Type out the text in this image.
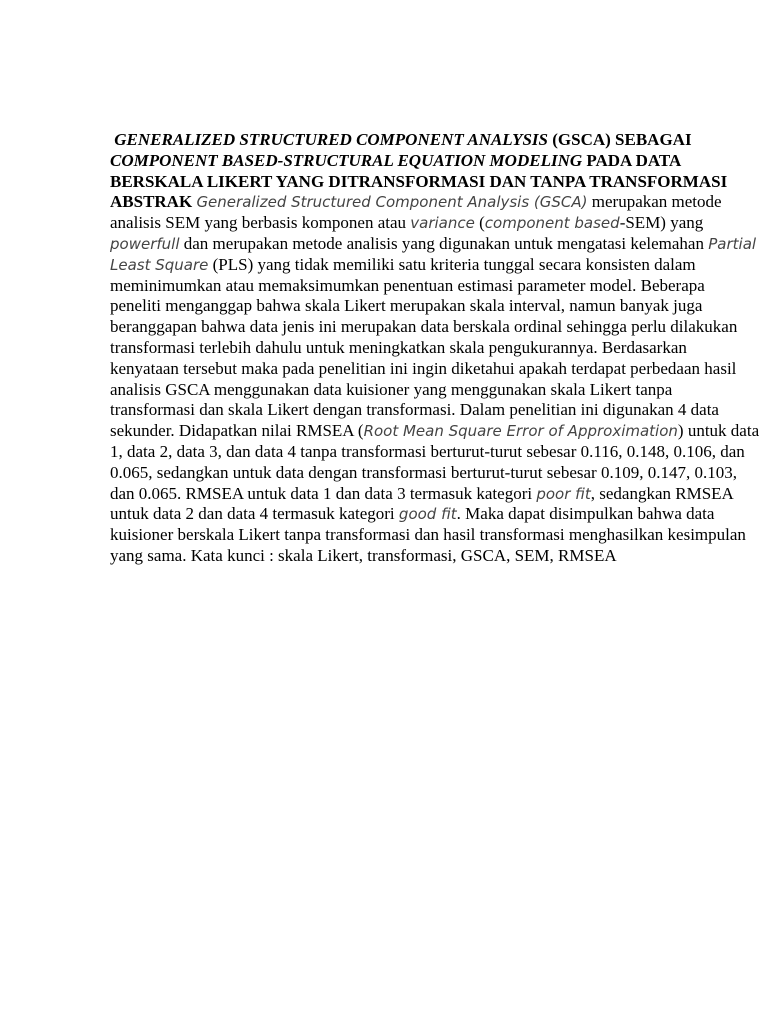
GENERALIZED STRUCTURED COMPONENT ANALYSIS (GSCA) SEBAGAI COMPONENT BASED-STRUCTURAL EQUATION MODELING PADA DATA BERSKALA LIKERT YANG DITRANSFORMASI DAN TANPA TRANSFORMASI ABSTRAK Generalized Structured Component Analysis (GSCA) merupakan metode analisis SEM yang berbasis komponen atau variance (component based-SEM) yang powerfull dan merupakan metode analisis yang digunakan untuk mengatasi kelemahan Partial Least Square (PLS) yang tidak memiliki satu kriteria tunggal secara konsisten dalam meminimumkan atau memaksimumkan penentuan estimasi parameter model. Beberapa peneliti menganggap bahwa skala Likert merupakan skala interval, namun banyak juga beranggapan bahwa data jenis ini merupakan data berskala ordinal sehingga perlu dilakukan transformasi terlebih dahulu untuk meningkatkan skala pengukurannya. Berdasarkan kenyataan tersebut maka pada penelitian ini ingin diketahui apakah terdapat perbedaan hasil analisis GSCA menggunakan data kuisioner yang menggunakan skala Likert tanpa transformasi dan skala Likert dengan transformasi. Dalam penelitian ini digunakan 4 data sekunder. Didapatkan nilai RMSEA (Root Mean Square Error of Approximation) untuk data 1, data 2, data 3, dan data 4 tanpa transformasi berturut-turut sebesar 0.116, 0.148, 0.106, dan 0.065, sedangkan untuk data dengan transformasi berturut-turut sebesar 0.109, 0.147, 0.103, dan 0.065. RMSEA untuk data 1 dan data 3 termasuk kategori poor fit, sedangkan RMSEA untuk data 2 dan data 4 termasuk kategori good fit. Maka dapat disimpulkan bahwa data kuisioner berskala Likert tanpa transformasi dan hasil transformasi menghasilkan kesimpulan yang sama. Kata kunci : skala Likert, transformasi, GSCA, SEM, RMSEA
